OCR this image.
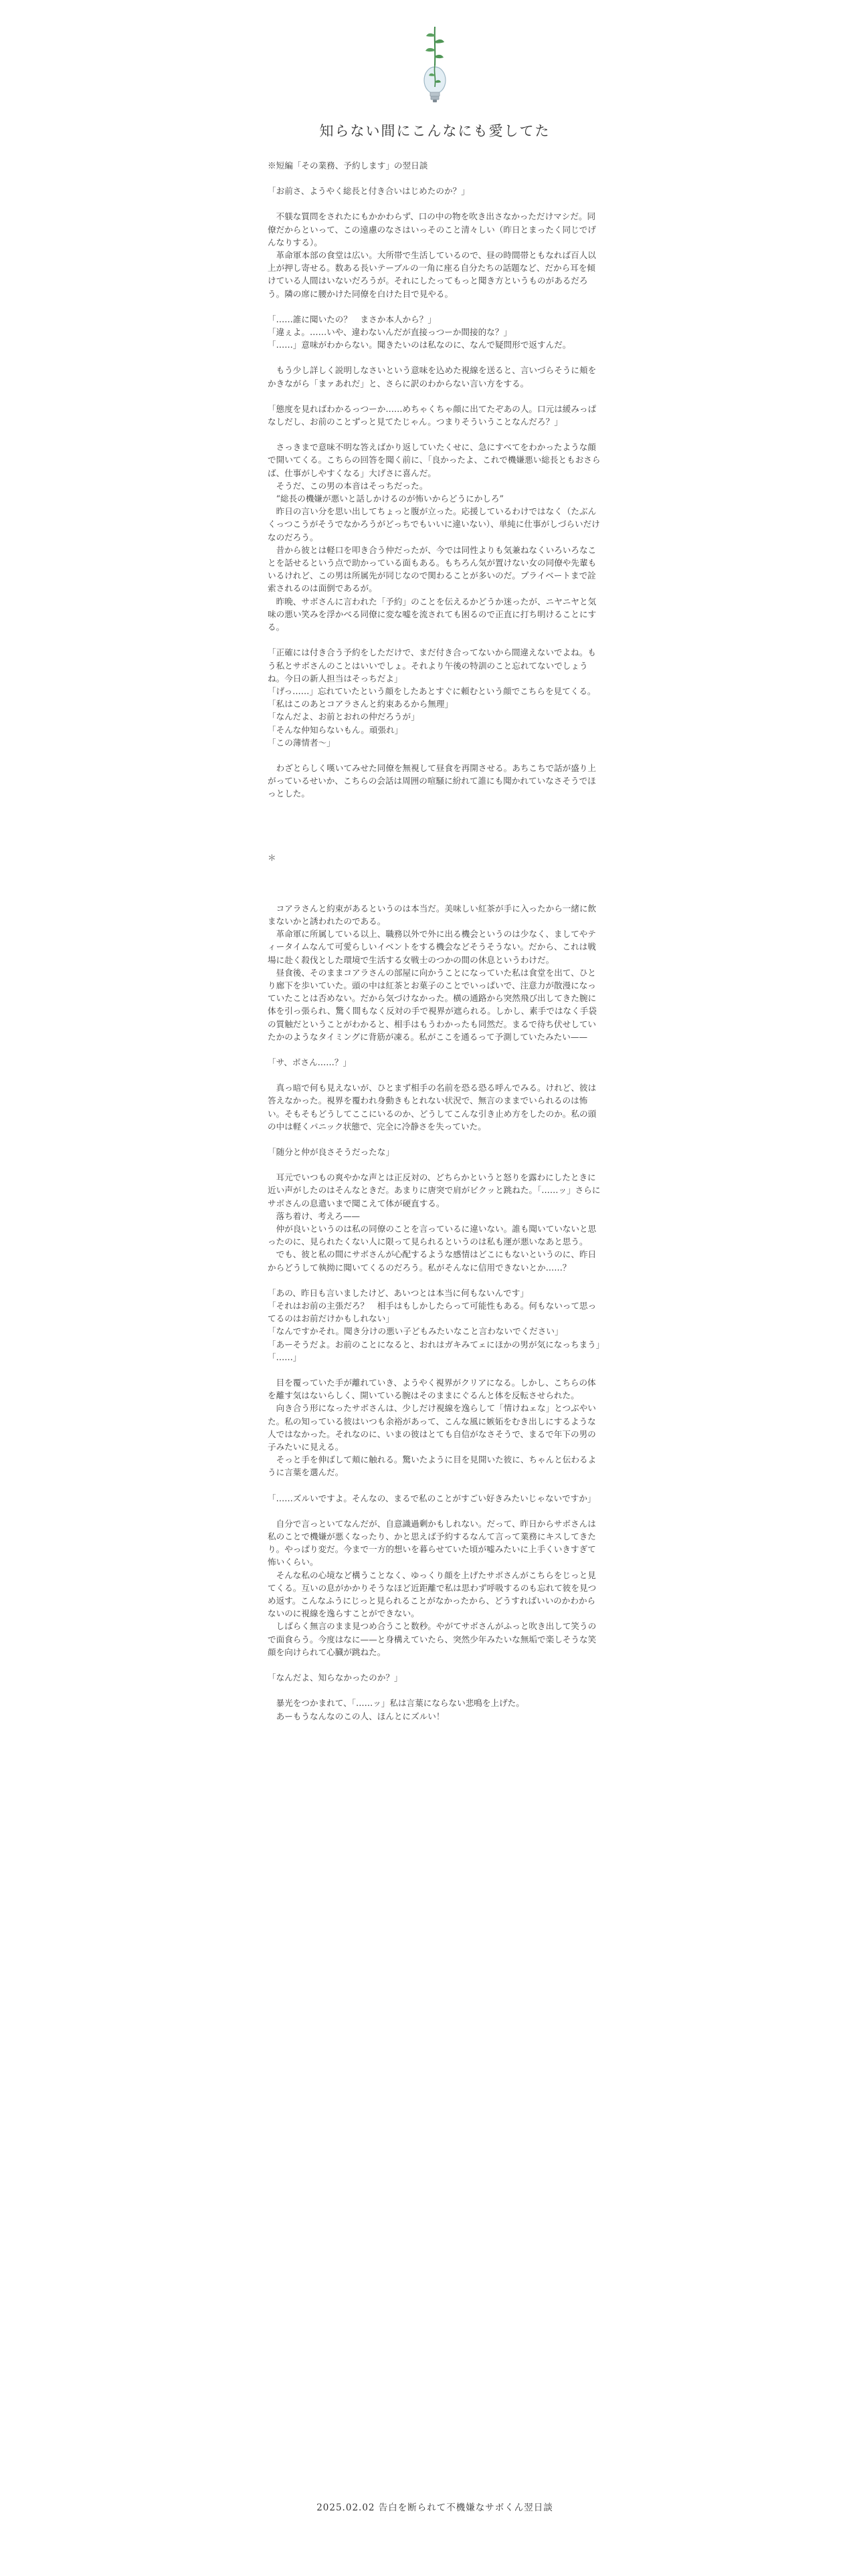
知らない間にこんなにも愛してた

※短編「その業務、予約します」の翌日談

「お前さ、ようやく総長と付き合いはじめたのか？」

　不躾な質問をされたにもかかわらず、口の中の物を吹き出さなかっただけマシだ。同僚だからといって、この遠慮のなさはいっそのこと清々しい（昨日とまったく同じでげんなりする）。

　革命軍本部の食堂は広い。大所帯で生活しているので、昼の時間帯ともなれば百人以上が押し寄せる。数ある長いテーブルの一角に座る自分たちの話題など、だから耳を傾けている人間はいないだろうが。それにしたってもっと聞き方というものがあるだろう。隣の席に腰かけた同僚を白けた目で見やる。

「……誰に聞いたの？　まさか本人から？」

「違ぇよ。……いや、違わないんだが直接っつーか間接的な？」

「……」意味がわからない。聞きたいのは私なのに、なんで疑問形で返すんだ。

　もう少し詳しく説明しなさいという意味を込めた視線を送ると、言いづらそうに頬をかきながら「まァあれだ」と、さらに訳のわからない言い方をする。

「態度を見ればわかるっつーか……めちゃくちゃ顔に出てたぞあの人。口元は緩みっぱなしだし、お前のことずっと見てたじゃん。つまりそういうことなんだろ？」

　さっきまで意味不明な答えばかり返していたくせに、急にすべてをわかったような顔で開いてくる。こちらの回答を聞く前に、「良かったよ、これで機嫌悪い総長ともおさらば、仕事がしやすくなる」大げさに喜んだ。

　そうだ、この男の本音はそっちだった。

　“総長の機嫌が悪いと話しかけるのが怖いからどうにかしろ”

　昨日の言い分を思い出してちょっと腹が立った。応援しているわけではなく（たぶんくっつこうがそうでなかろうがどっちでもいいに違いない）、単純に仕事がしづらいだけなのだろう。

　昔から彼とは軽口を叩き合う仲だったが、今では同性よりも気兼ねなくいろいろなことを話せるという点で助かっている面もある。もちろん気が置けない女の同僚や先輩もいるけれど、この男は所属先が同じなので関わることが多いのだ。プライベートまで詮索されるのは面倒であるが。

　昨晩、サボさんに言われた「予約」のことを伝えるかどうか迷ったが、ニヤニヤと気味の悪い笑みを浮かべる同僚に変な嘘を流されても困るので正直に打ち明けることにする。

「正確には付き合う予約をしただけで、まだ付き合ってないから間違えないでよね。もう私とサボさんのことはいいでしょ。それより午後の特訓のこと忘れてないでしょうね。今日の新人担当はそっちだよ」

「げっ……」忘れていたという顔をしたあとすぐに頼むという顔でこちらを見てくる。

「私はこのあとコアラさんと約束あるから無理」

「なんだよ、お前とおれの仲だろうが」

「そんな仲知らないもん。頑張れ」

「この薄情者〜」

　わざとらしく嘆いてみせた同僚を無視して昼食を再開させる。あちこちで話が盛り上がっているせいか、こちらの会話は周囲の喧騒に紛れて誰にも聞かれていなさそうでほっとした。

＊

　コアラさんと約束があるというのは本当だ。美味しい紅茶が手に入ったから一緒に飲まないかと誘われたのである。

　革命軍に所属している以上、職務以外で外に出る機会というのは少なく、ましてやティータイムなんて可愛らしいイベントをする機会などそうそうない。だから、これは戦場に赴く殺伐とした環境で生活する女戦士のつかの間の休息というわけだ。

　昼食後、そのままコアラさんの部屋に向かうことになっていた私は食堂を出て、ひとり廊下を歩いていた。頭の中は紅茶とお菓子のことでいっぱいで、注意力が散漫になっていたことは否めない。だから気づけなかった。横の通路から突然飛び出してきた腕に体を引っ張られ、驚く間もなく反対の手で視界が遮られる。しかし、素手ではなく手袋の質触だということがわかると、相手はもうわかったも同然だ。まるで待ち伏せしていたかのようなタイミングに背筋が凍る。私がここを通るって予測していたみたい——

「サ、ボさん……？」

　真っ暗で何も見えないが、ひとまず相手の名前を恐る恐る呼んでみる。けれど、彼は答えなかった。視界を覆われ身動きもとれない状況で、無言のままでいられるのは怖い。そもそもどうしてここにいるのか、どうしてこんな引き止め方をしたのか。私の頭の中は軽くパニック状態で、完全に冷静さを失っていた。

「随分と仲が良さそうだったな」

　耳元でいつもの爽やかな声とは正反対の、どちらかというと怒りを露わにしたときに近い声がしたのはそんなときだ。あまりに唐突で肩がビクッと跳ねた。「……ッ」さらにサボさんの息遣いまで聞こえて体が硬直する。

　落ち着け、考えろ——

　仲が良いというのは私の同僚のことを言っているに違いない。誰も聞いていないと思ったのに、見られたくない人に限って見られるというのは私も運が悪いなあと思う。

　でも、彼と私の間にサボさんが心配するような感情はどこにもないというのに、昨日からどうして執拗に聞いてくるのだろう。私がそんなに信用できないとか……？

「あの、昨日も言いましたけど、あいつとは本当に何もないんです」

「それはお前の主張だろ？　相手はもしかしたらって可能性もある。何もないって思ってるのはお前だけかもしれない」

「なんですかそれ。聞き分けの悪い子どもみたいなこと言わないでください」

「あーそうだよ。お前のことになると、おれはガキみてェにほかの男が気になっちまう」

「……」

　目を覆っていた手が離れていき、ようやく視界がクリアになる。しかし、こちらの体を離す気はないらしく、開いている腕はそのままにぐるんと体を反転させられた。

　向き合う形になったサボさんは、少しだけ視線を逸らして「情けねェな」とつぶやいた。私の知っている彼はいつも余裕があって、こんな風に嫉妬をむき出しにするような人ではなかった。それなのに、いまの彼はとても自信がなさそうで、まるで年下の男の子みたいに見える。

　そっと手を伸ばして頬に触れる。驚いたように目を見開いた彼に、ちゃんと伝わるように言葉を選んだ。

「……ズルいですよ。そんなの、まるで私のことがすごい好きみたいじゃないですか」

　自分で言っといてなんだが、自意識過剰かもしれない。だって、昨日からサボさんは私のことで機嫌が悪くなったり、かと思えば予約するなんて言って業務にキスしてきたり。やっぱり変だ。今まで一方的想いを暮らせていた頃が嘘みたいに上手くいきすぎて怖いくらい。

　そんな私の心境など構うことなく、ゆっくり顔を上げたサボさんがこちらをじっと見てくる。互いの息がかかりそうなほど近距離で私は思わず呼吸するのも忘れて彼を見つめ返す。こんなふうにじっと見られることがなかったから、どうすればいいのかわからないのに視線を逸らすことができない。

　しばらく無言のまま見つめ合うこと数秒。やがてサボさんがふっと吹き出して笑うので面食らう。今度はなに——と身構えていたら、突然少年みたいな無垢で楽しそうな笑顔を向けられて心臓が跳ねた。

「なんだよ、知らなかったのか？」

　暴光をつかまれて、「……ッ」私は言葉にならない悲鳴を上げた。

　あーもうなんなのこの人、ほんとにズルい！

2025.02.02 告白を断られて不機嫌なサボくん翌日談
